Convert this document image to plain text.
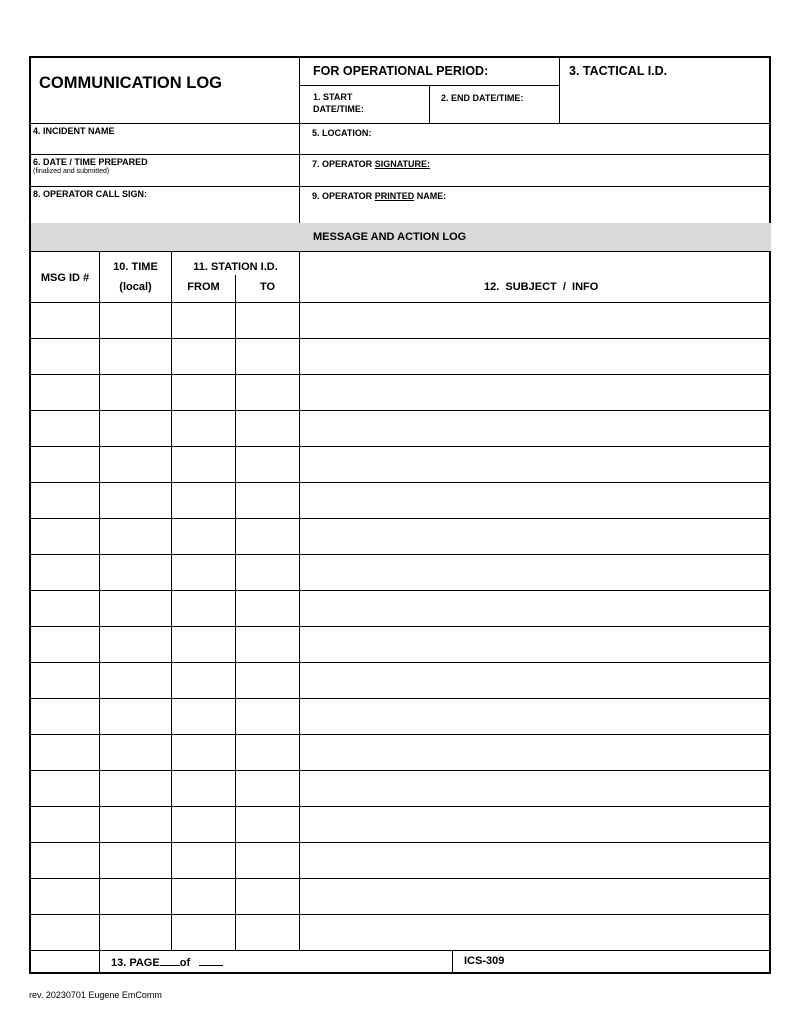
COMMUNICATION LOG
FOR OPERATIONAL PERIOD:
1. START
DATE/TIME:
2. END DATE/TIME:
3. TACTICAL I.D.
4. INCIDENT NAME	5. LOCATION:
6. DATE / TIME PREPARED
(finalized and submitted)
7. OPERATOR SIGNATURE:
8. OPERATOR CALL SIGN:	9. OPERATOR PRINTED NAME:
MESSAGE AND ACTION LOG
MSG ID #
10. TIME
(local)
11. STATION I.D.
FROM	TO	12.  SUBJECT  /  INFO
13. PAGE of	ICS-309
rev. 20230701 Eugene EmComm
